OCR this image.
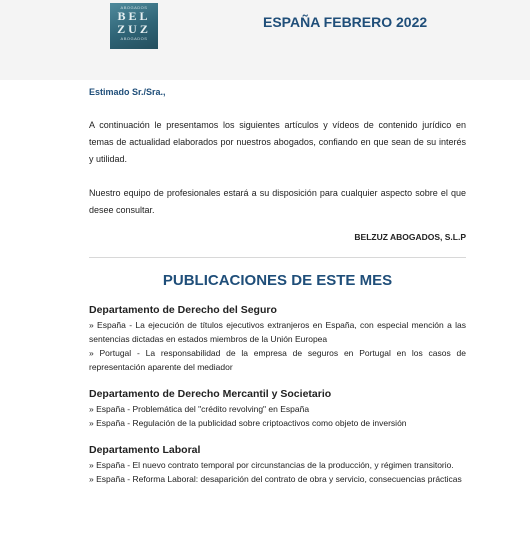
ABOGADOS
BEL
ZUZ
ABOGADOS
ESPAÑA FEBRERO 2022

Estimado Sr./Sra.,

A continuación le presentamos los siguientes artículos y vídeos de contenido jurídico en temas de actualidad elaborados por nuestros abogados, confiando en que sean de su interés y utilidad.

Nuestro equipo de profesionales estará a su disposición para cualquier aspecto sobre el que desee consultar.

BELZUZ ABOGADOS, S.L.P
PUBLICACIONES DE ESTE MES
Departamento de Derecho del Seguro
» España - La ejecución de títulos ejecutivos extranjeros en España, con especial mención a las sentencias dictadas en estados miembros de la Unión Europea
» Portugal - La responsabilidad de la empresa de seguros en Portugal en los casos de representación aparente del mediador
Departamento de Derecho Mercantil y Societario
» España - Problemática del "crédito revolving" en España
» España - Regulación de la publicidad sobre criptoactivos como objeto de inversión
Departamento Laboral
» España - El nuevo contrato temporal por circunstancias de la producción, y régimen transitorio.
» España - Reforma Laboral: desaparición del contrato de obra y servicio, consecuencias prácticas
